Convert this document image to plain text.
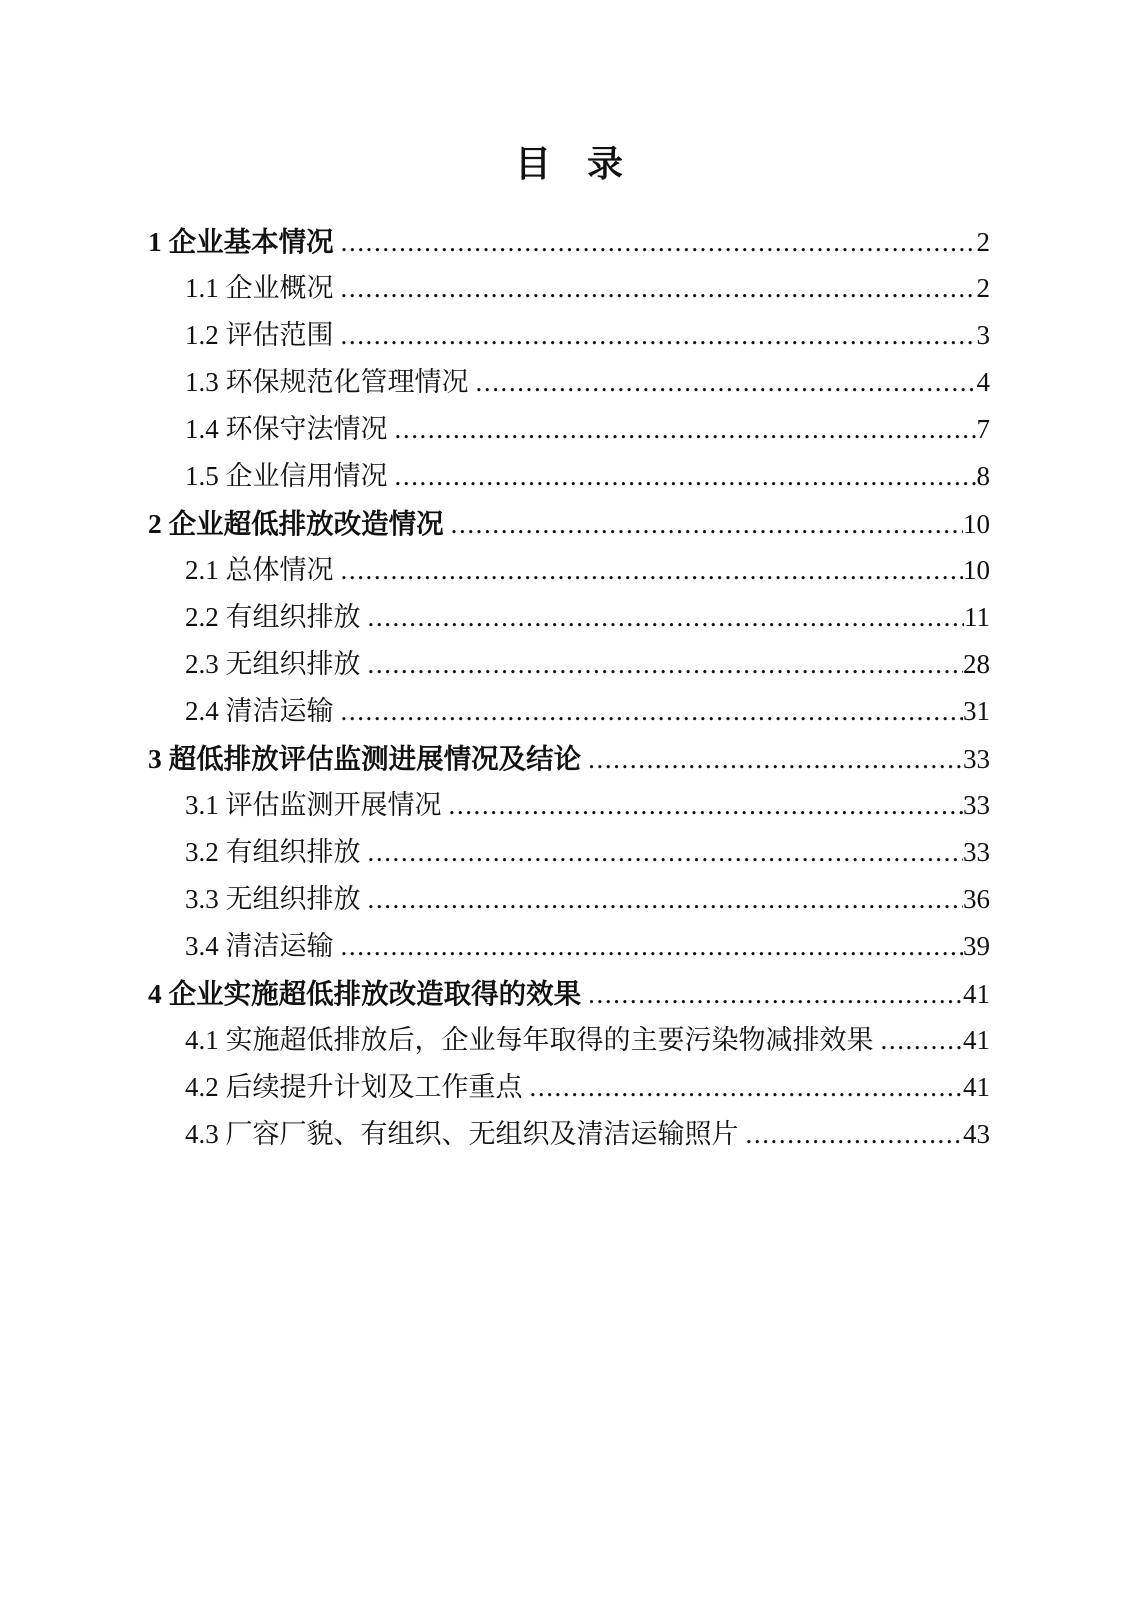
目　录
1 企业基本情况 .....	2
1.1 企业概况 .....	2
1.2 评估范围 .....	3
1.3 环保规范化管理情况 .....	4
1.4 环保守法情况 .....	7
1.5 企业信用情况 .....	8
2 企业超低排放改造情况 .....	10
2.1 总体情况 .....	10
2.2 有组织排放 .....	11
2.3 无组织排放 .....	28
2.4 清洁运输 .....	31
3 超低排放评估监测进展情况及结论 .....	33
3.1 评估监测开展情况 .....	33
3.2 有组织排放 .....	33
3.3 无组织排放 .....	36
3.4 清洁运输 .....	39
4 企业实施超低排放改造取得的效果 .....	41
4.1 实施超低排放后，企业每年取得的主要污染物减排效果 .....	41
4.2 后续提升计划及工作重点 .....	41
4.3 厂容厂貌、有组织、无组织及清洁运输照片 .....	43
